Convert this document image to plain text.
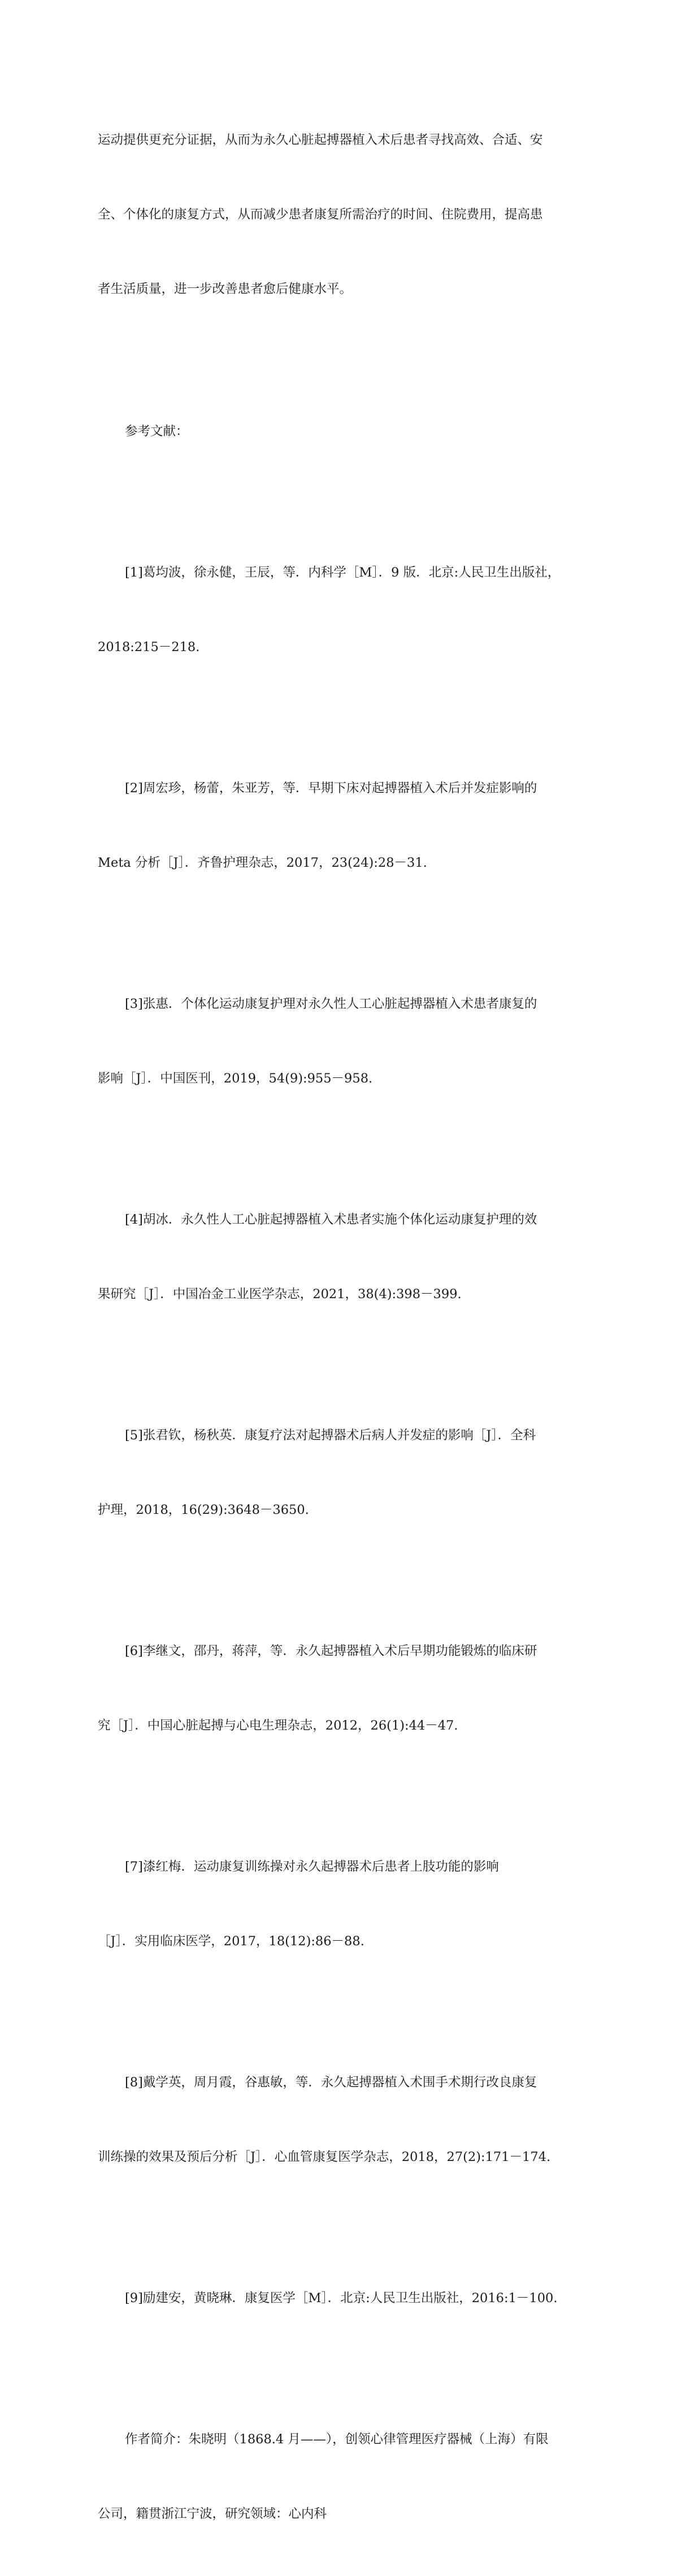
运动提供更充分证据，从而为永久心脏起搏器植入术后患者寻找高效、合适、安

全、个体化的康复方式，从而减少患者康复所需治疗的时间、住院费用，提高患

者生活质量，进一步改善患者愈后健康水平。

参考文献：

[1]葛均波，徐永健，王辰，等．内科学［M］．9 版．北京:人民卫生出版社，

2018:215－218.

[2]周宏珍，杨蕾，朱亚芳，等．早期下床对起搏器植入术后并发症影响的

Meta 分析［J］．齐鲁护理杂志，2017，23(24):28－31.

[3]张惠．个体化运动康复护理对永久性人工心脏起搏器植入术患者康复的

影响［J］．中国医刊，2019，54(9):955－958.

[4]胡冰．永久性人工心脏起搏器植入术患者实施个体化运动康复护理的效

果研究［J］．中国冶金工业医学杂志，2021，38(4):398－399.

[5]张君钦，杨秋英．康复疗法对起搏器术后病人并发症的影响［J］．全科

护理，2018，16(29):3648－3650.

[6]李继文，邵丹，蒋萍，等．永久起搏器植入术后早期功能锻炼的临床研

究［J］．中国心脏起搏与心电生理杂志，2012，26(1):44－47.

[7]漆红梅．运动康复训练操对永久起搏器术后患者上肢功能的影响

［J］．实用临床医学，2017，18(12):86－88.

[8]戴学英，周月霞，谷惠敏，等．永久起搏器植入术围手术期行改良康复

训练操的效果及预后分析［J］．心血管康复医学杂志，2018，27(2):171－174.

[9]励建安，黄晓琳．康复医学［M］．北京:人民卫生出版社，2016:1－100.

作者简介：朱晓明（1868.4 月——），创领心律管理医疗器械（上海）有限

公司，籍贯浙江宁波，研究领域：心内科
